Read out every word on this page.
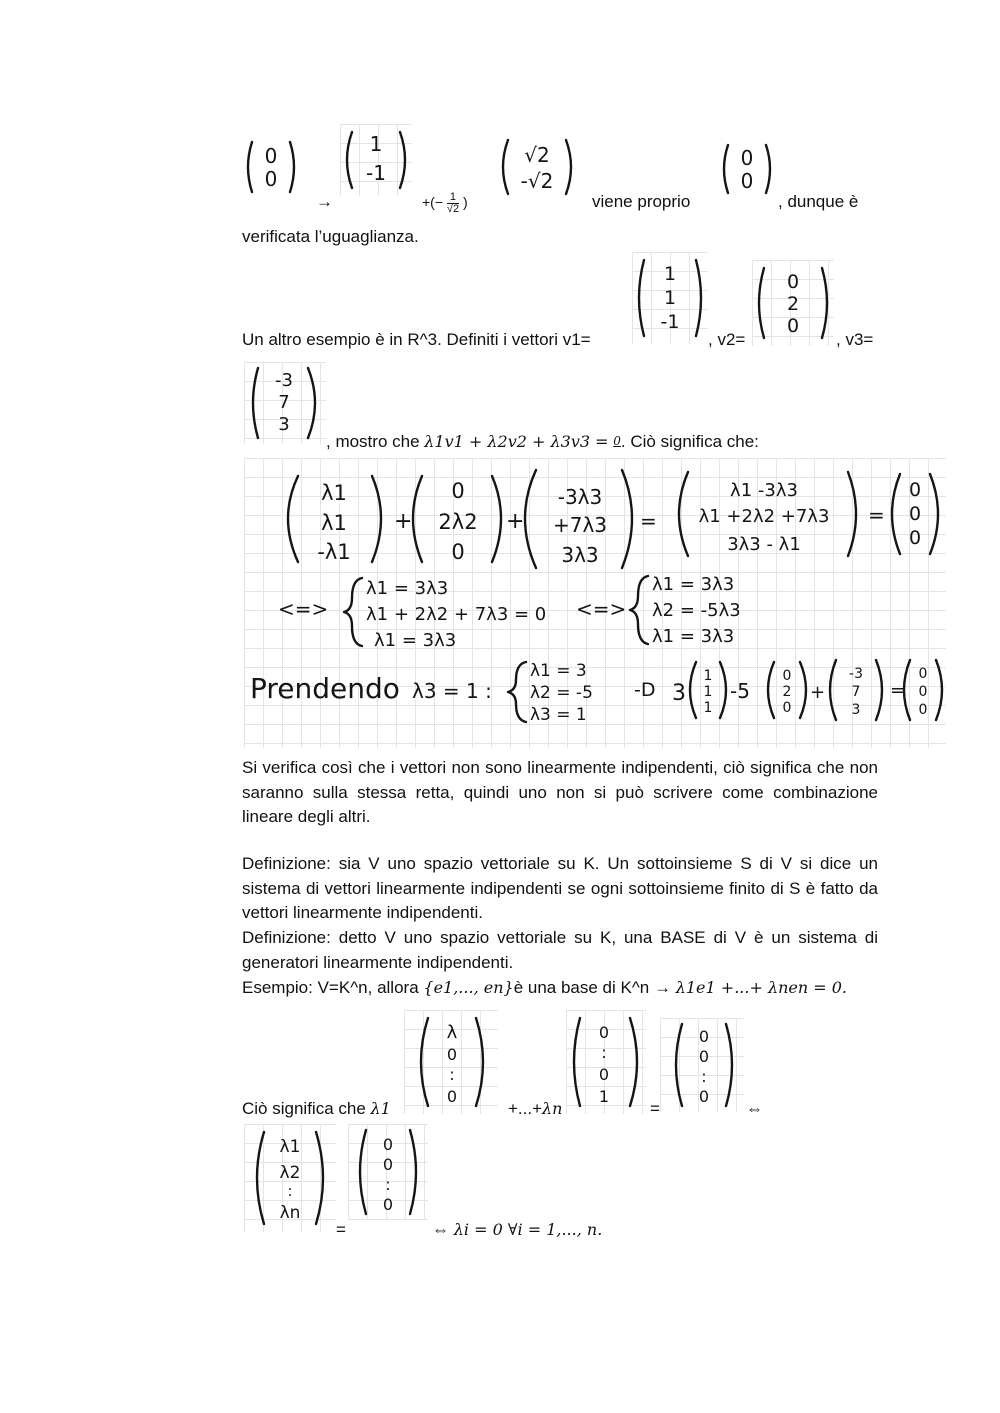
0
0
1
-1
√2
-√2
0
0
→	+(− $\frac{1}{√2}$ )	viene proprio	, dunque è
verificata l’uguaglianza.
1
1
-1
0
2
0
Un altro esempio è in R^3. Definiti i vettori v1=	, v2=	, v3=
-3
7
3
, mostro che λ1v1 + λ2v2 + λ3v3 = 0. Ciò significa che:
λ1
λ1
-λ1
+
0
2λ2
0
+
-3λ3
+7λ3
3λ3
=
λ1 -3λ3
λ1 +2λ2 +7λ3
3λ3 - λ1
=
0
0
0
<=>
λ1 = 3λ3
λ1 + 2λ2 + 7λ3 = 0
λ1 = 3λ3
<=>
λ1 = 3λ3
λ2 = -5λ3
λ1 = 3λ3
Prendendo λ3 = 1 :
λ1 = 3
λ2 = -5
λ3 = 1
-D 3
1
1
1
-5
0
2
0
+
-3
7
3
=
0
0
0
Si verifica così che i vettori non sono linearmente indipendenti, ciò significa che non saranno sulla stessa retta, quindi uno non si può scrivere come combinazione lineare degli altri.
Definizione: sia V uno spazio vettoriale su K. Un sottoinsieme S di V si dice un sistema di vettori linearmente indipendenti se ogni sottoinsieme finito di S è fatto da vettori linearmente indipendenti.
Definizione: detto V uno spazio vettoriale su K, una BASE di V è un sistema di generatori linearmente indipendenti.
Esempio: V=K^n, allora {e1,..., en}è una base di K^n → λ1e1 +...+ λnen = 0.
λ
0
:
0
Ciò significa che λ1	+...+λn
0
:
0
1
=
0
0
:
0
⇔
λ1
λ2
:
λn
0
0
:
0
=	⇔ λi = 0 ∀i = 1,..., n.
